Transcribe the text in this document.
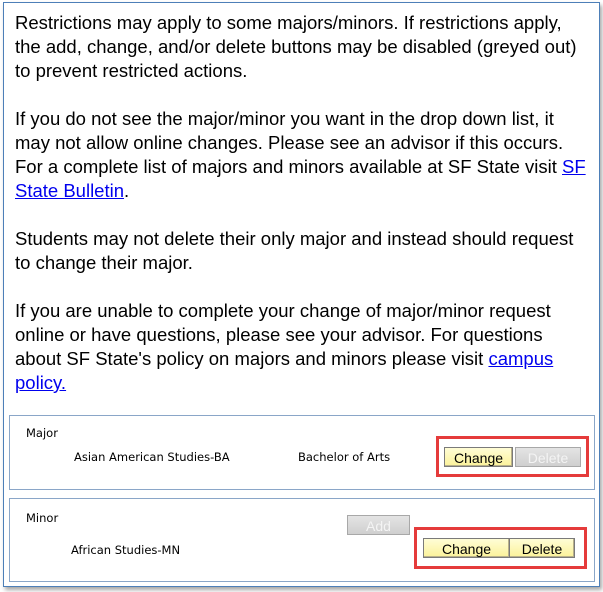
Restrictions may apply to some majors/minors. If restrictions apply, the add, change, and/or delete buttons may be disabled (greyed out) to prevent restricted actions.

If you do not see the major/minor you want in the drop down list, it may not allow online changes. Please see an advisor if this occurs. For a complete list of majors and minors available at SF State visit SF State Bulletin.

Students may not delete their only major and instead should request to change their major.

If you are unable to complete your change of major/minor request online or have questions, please see your advisor. For questions about SF State's policy on majors and minors please visit campus policy.

Major
Asian American Studies-BA	Bachelor of Arts	Change	Delete
Minor	Add
African Studies-MN	Change	Delete
